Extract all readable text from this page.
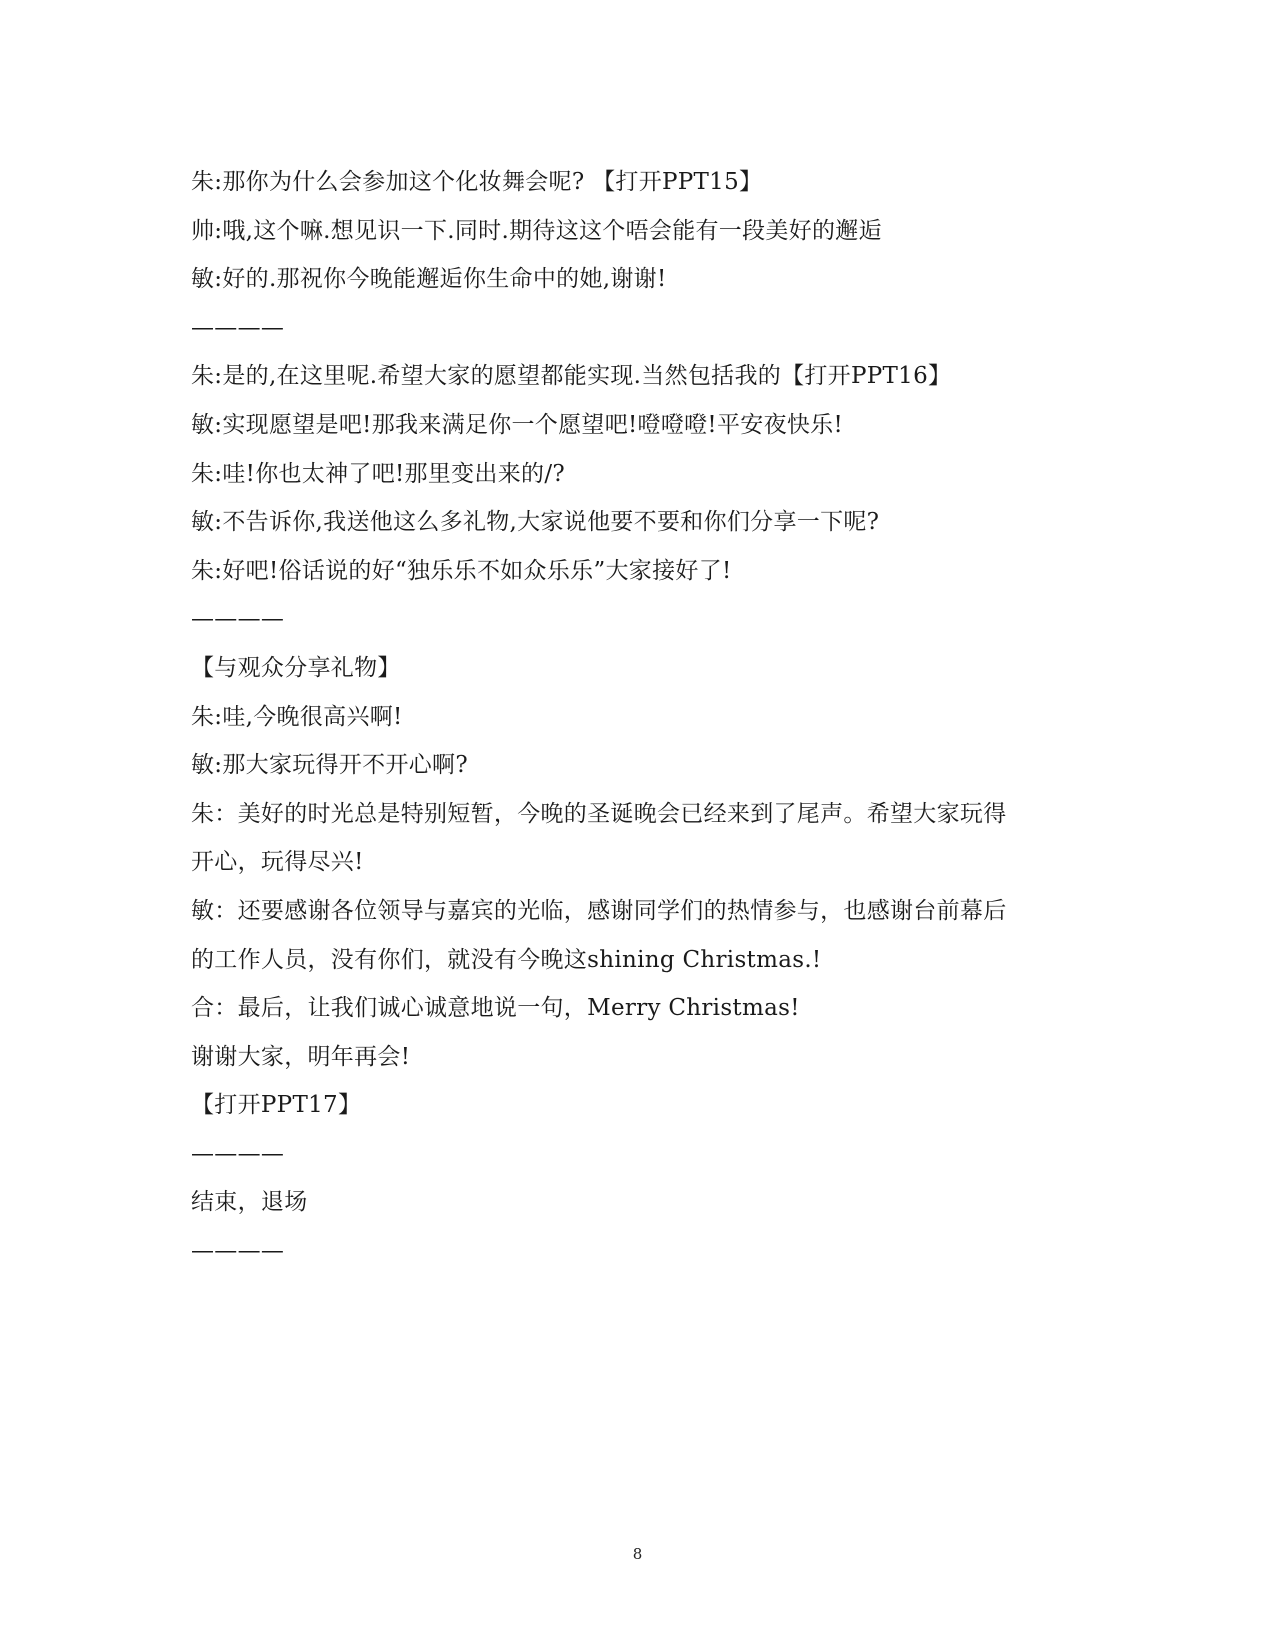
朱:那你为什么会参加这个化妆舞会呢? 【打开PPT15】
帅:哦,这个嘛.想见识一下.同时.期待这这个唔会能有一段美好的邂逅
敏:好的.那祝你今晚能邂逅你生命中的她,谢谢!
————
朱:是的,在这里呢.希望大家的愿望都能实现.当然包括我的【打开PPT16】
敏:实现愿望是吧!那我来满足你一个愿望吧!噔噔噔!平安夜快乐!
朱:哇!你也太神了吧!那里变出来的/?
敏:不告诉你,我送他这么多礼物,大家说他要不要和你们分享一下呢?
朱:好吧!俗话说的好“独乐乐不如众乐乐”大家接好了!
————
【与观众分享礼物】
朱:哇,今晚很高兴啊!
敏:那大家玩得开不开心啊?
朱：美好的时光总是特别短暂，今晚的圣诞晚会已经来到了尾声。希望大家玩得
开心，玩得尽兴!
敏：还要感谢各位领导与嘉宾的光临，感谢同学们的热情参与，也感谢台前幕后
的工作人员，没有你们，就没有今晚这shining Christmas.!
合：最后，让我们诚心诚意地说一句，Merry Christmas!
谢谢大家，明年再会!
【打开PPT17】
————
结束，退场
————
8
